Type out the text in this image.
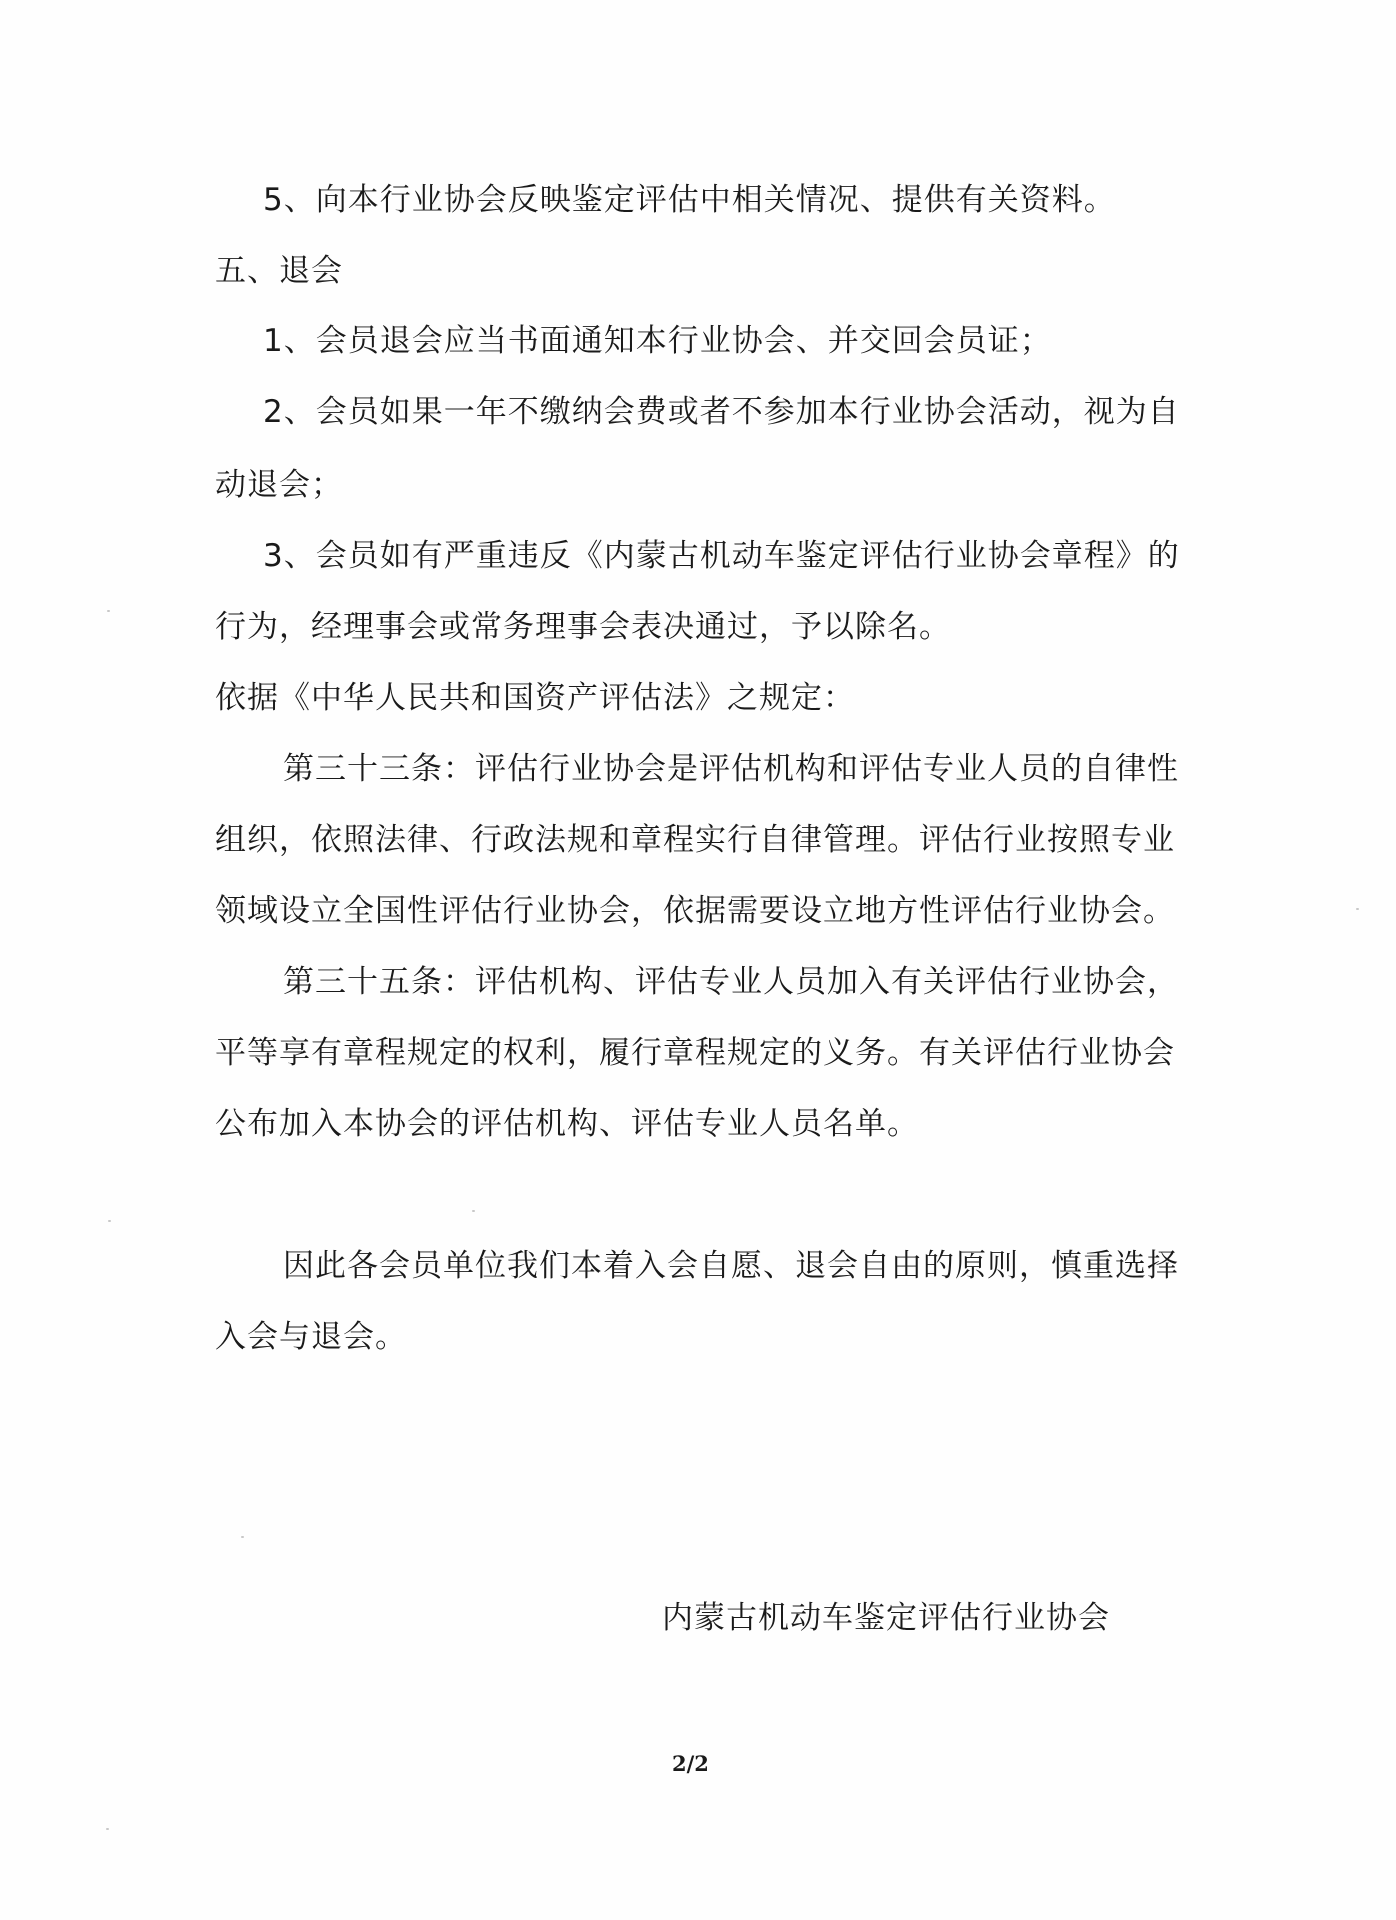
5、向本行业协会反映鉴定评估中相关情况、提供有关资料。

五、退会

1、会员退会应当书面通知本行业协会、并交回会员证；

2、会员如果一年不缴纳会费或者不参加本行业协会活动，视为自

动退会；

3、会员如有严重违反《内蒙古机动车鉴定评估行业协会章程》的

行为，经理事会或常务理事会表决通过，予以除名。

依据《中华人民共和国资产评估法》之规定：

第三十三条：评估行业协会是评估机构和评估专业人员的自律性

组织，依照法律、行政法规和章程实行自律管理。评估行业按照专业

领域设立全国性评估行业协会，依据需要设立地方性评估行业协会。

第三十五条：评估机构、评估专业人员加入有关评估行业协会，

平等享有章程规定的权利，履行章程规定的义务。有关评估行业协会

公布加入本协会的评估机构、评估专业人员名单。

因此各会员单位我们本着入会自愿、退会自由的原则，慎重选择

入会与退会。

内蒙古机动车鉴定评估行业协会

2/2
